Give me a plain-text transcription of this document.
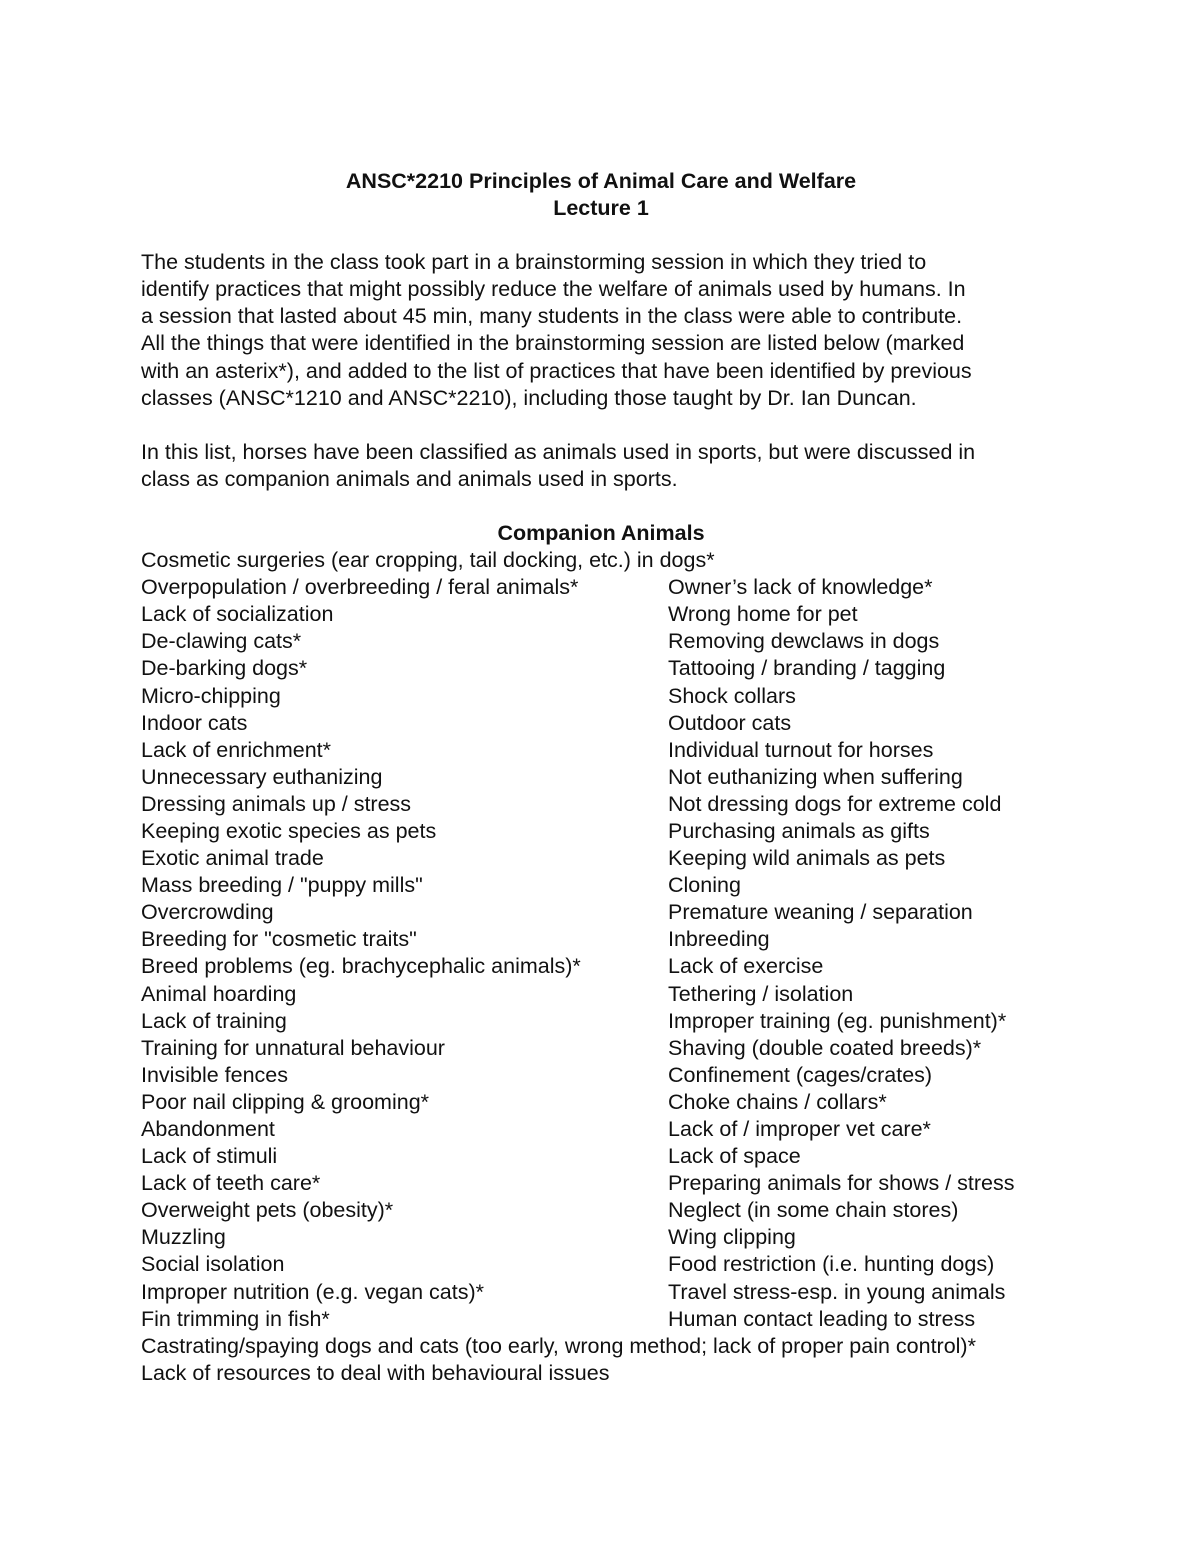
ANSC*2210 Principles of Animal Care and Welfare

Lecture 1

The students in the class took part in a brainstorming session in which they tried to

identify practices that might possibly reduce the welfare of animals used by humans. In

a session that lasted about 45 min, many students in the class were able to contribute.

All the things that were identified in the brainstorming session are listed below (marked

with an asterix*), and added to the list of practices that have been identified by previous

classes (ANSC*1210 and ANSC*2210), including those taught by Dr. Ian Duncan.

In this list, horses have been classified as animals used in sports, but were discussed in

class as companion animals and animals used in sports.

Companion Animals

Cosmetic surgeries (ear cropping, tail docking, etc.) in dogs*
Overpopulation / overbreeding / feral animals*	Owner’s lack of knowledge*
Lack of socialization	Wrong home for pet
De-clawing cats*	Removing dewclaws in dogs
De-barking dogs*	Tattooing / branding / tagging
Micro-chipping	Shock collars
Indoor cats	Outdoor cats
Lack of enrichment*	Individual turnout for horses
Unnecessary euthanizing	Not euthanizing when suffering
Dressing animals up / stress	Not dressing dogs for extreme cold
Keeping exotic species as pets	Purchasing animals as gifts
Exotic animal trade	Keeping wild animals as pets
Mass breeding / "puppy mills"	Cloning
Overcrowding	Premature weaning / separation
Breeding for "cosmetic traits"	Inbreeding
Breed problems (eg. brachycephalic animals)*	Lack of exercise
Animal hoarding	Tethering / isolation
Lack of training	Improper training (eg. punishment)*
Training for unnatural behaviour	Shaving (double coated breeds)*
Invisible fences	Confinement (cages/crates)
Poor nail clipping & grooming*	Choke chains / collars*
Abandonment	Lack of / improper vet care*
Lack of stimuli	Lack of space
Lack of teeth care*	Preparing animals for shows / stress
Overweight pets (obesity)*	Neglect (in some chain stores)
Muzzling	Wing clipping
Social isolation	Food restriction (i.e. hunting dogs)
Improper nutrition (e.g. vegan cats)*	Travel stress-esp. in young animals
Fin trimming in fish*	Human contact leading to stress
Castrating/spaying dogs and cats (too early, wrong method; lack of proper pain control)*
Lack of resources to deal with behavioural issues
